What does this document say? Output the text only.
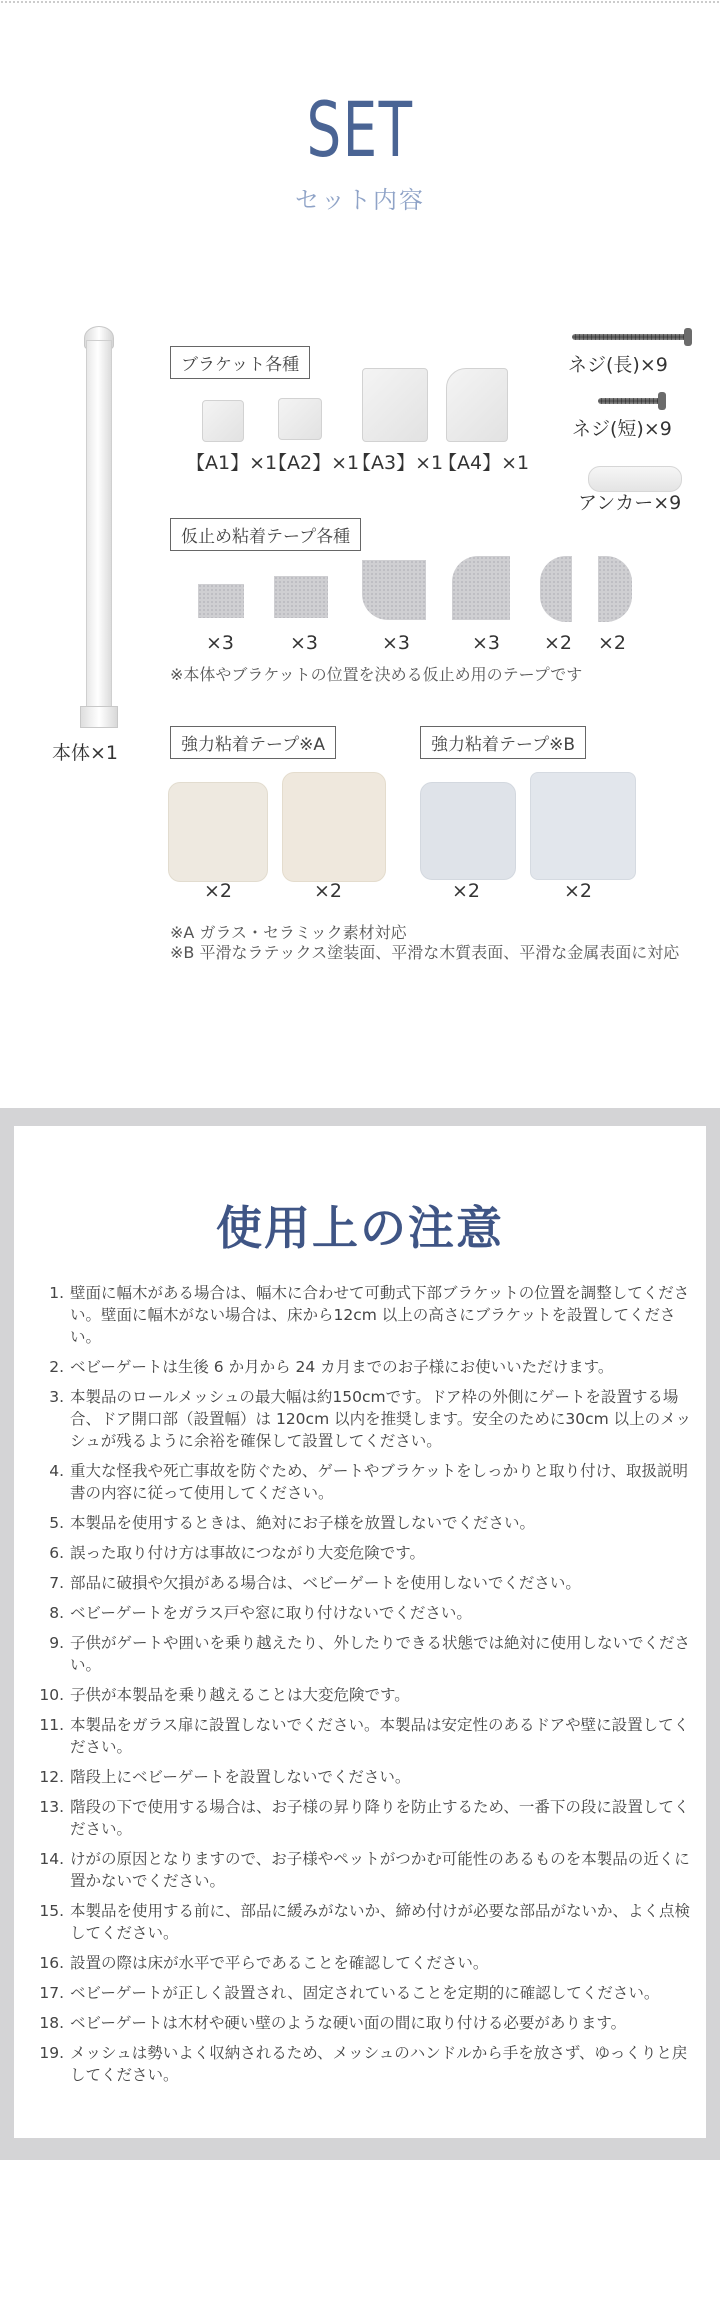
SET
セット内容
本体×1
ブラケット各種
【A1】×1
【A2】×1
【A3】×1
【A4】×1
ネジ(長)×9
ネジ(短)×9
アンカー×9
仮止め粘着テープ各種
×3	×3	×3	×3 ×2 ×2
※本体やブラケットの位置を決める仮止め用のテープです
強力粘着テープ※A
×2	×2
強力粘着テープ※B
×2	×2
※A ガラス・セラミック素材対応
※B 平滑なラテックス塗装面、平滑な木質表面、平滑な金属表面に対応
使用上の注意
1. 壁面に幅木がある場合は、幅木に合わせて可動式下部ブラケットの位置を調整してください。壁面に幅木がない場合は、床から12cm 以上の高さにブラケットを設置してください。
2. ベビーゲートは生後 6 か月から 24 カ月までのお子様にお使いいただけます。
3. 本製品のロールメッシュの最大幅は約150cmです。ドア枠の外側にゲートを設置する場合、ドア開口部（設置幅）は 120cm 以内を推奨します。安全のために30cm 以上のメッシュが残るように余裕を確保して設置してください。
4. 重大な怪我や死亡事故を防ぐため、ゲートやブラケットをしっかりと取り付け、取扱説明書の内容に従って使用してください。
5. 本製品を使用するときは、絶対にお子様を放置しないでください。
6. 誤った取り付け方は事故につながり大変危険です。
7. 部品に破損や欠損がある場合は、ベビーゲートを使用しないでください。
8. ベビーゲートをガラス戸や窓に取り付けないでください。
9. 子供がゲートや囲いを乗り越えたり、外したりできる状態では絶対に使用しないでください。
10. 子供が本製品を乗り越えることは大変危険です。
11. 本製品をガラス扉に設置しないでください。本製品は安定性のあるドアや壁に設置してください。
12. 階段上にベビーゲートを設置しないでください。
13. 階段の下で使用する場合は、お子様の昇り降りを防止するため、一番下の段に設置してください。
14. けがの原因となりますので、お子様やペットがつかむ可能性のあるものを本製品の近くに置かないでください。
15. 本製品を使用する前に、部品に緩みがないか、締め付けが必要な部品がないか、よく点検してください。
16. 設置の際は床が水平で平らであることを確認してください。
17. ベビーゲートが正しく設置され、固定されていることを定期的に確認してください。
18. ベビーゲートは木材や硬い壁のような硬い面の間に取り付ける必要があります。
19. メッシュは勢いよく収納されるため、メッシュのハンドルから手を放さず、ゆっくりと戻してください。
